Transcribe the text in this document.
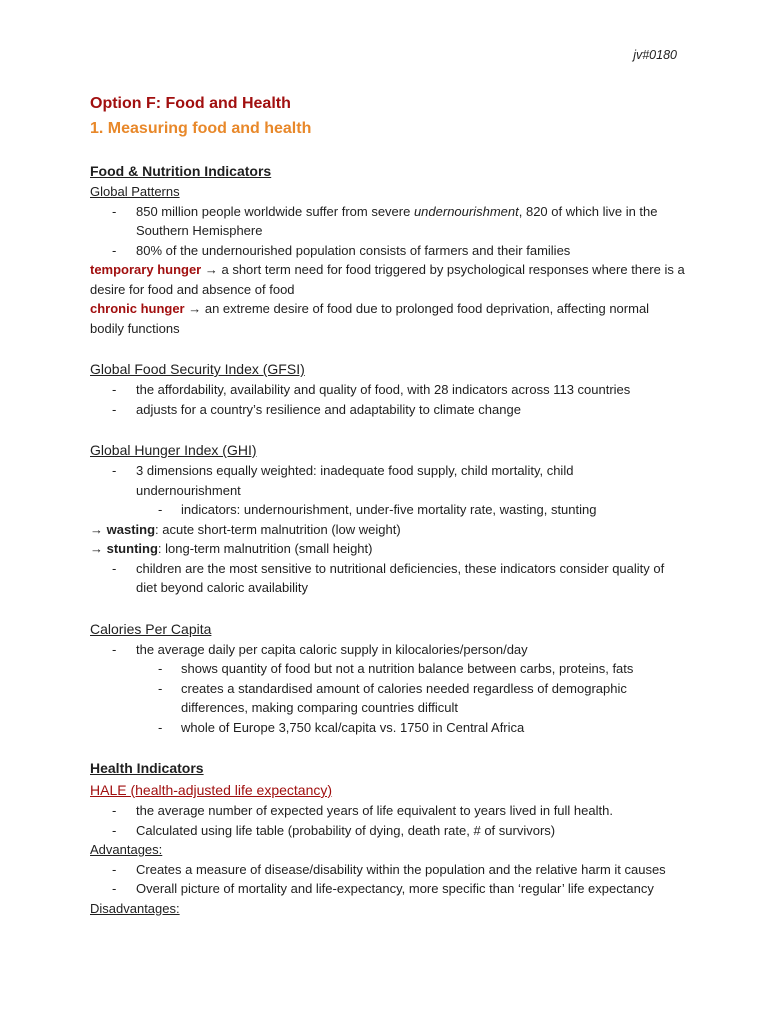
jv#0180
Option F: Food and Health
1. Measuring food and health
Food & Nutrition Indicators
Global Patterns
- 850 million people worldwide suffer from severe undernourishment, 820 of which live in the
Southern Hemisphere
- 80% of the undernourished population consists of farmers and their families
temporary hunger → a short term need for food triggered by psychological responses where there is a
desire for food and absence of food
chronic hunger → an extreme desire of food due to prolonged food deprivation, affecting normal
bodily functions
Global Food Security Index (GFSI)
- the affordability, availability and quality of food, with 28 indicators across 113 countries
- adjusts for a country’s resilience and adaptability to climate change
Global Hunger Index (GHI)
- 3 dimensions equally weighted: inadequate food supply, child mortality, child
undernourishment
- indicators: undernourishment, under-five mortality rate, wasting, stunting
→ wasting: acute short-term malnutrition (low weight)
→ stunting: long-term malnutrition (small height)
- children are the most sensitive to nutritional deficiencies, these indicators consider quality of
diet beyond caloric availability
Calories Per Capita
- the average daily per capita caloric supply in kilocalories/person/day
- shows quantity of food but not a nutrition balance between carbs, proteins, fats
- creates a standardised amount of calories needed regardless of demographic
differences, making comparing countries difficult
- whole of Europe 3,750 kcal/capita vs. 1750 in Central Africa
Health Indicators
HALE (health-adjusted life expectancy)
- the average number of expected years of life equivalent to years lived in full health.
- Calculated using life table (probability of dying, death rate, # of survivors)
Advantages:
- Creates a measure of disease/disability within the population and the relative harm it causes
- Overall picture of mortality and life-expectancy, more specific than ‘regular’ life expectancy
Disadvantages:
